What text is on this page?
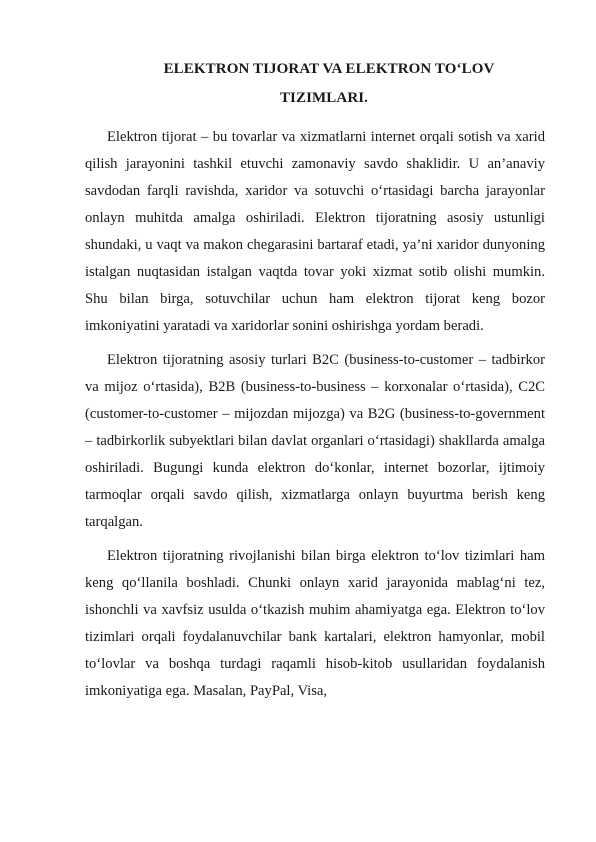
ELEKTRON TIJORAT VA ELEKTRON TO‘LOV
TIZIMLARI.

Elektron tijorat – bu tovarlar va xizmatlarni internet orqali sotish va xarid qilish jarayonini tashkil etuvchi zamonaviy savdo shaklidir. U an’anaviy savdodan farqli ravishda, xaridor va sotuvchi o‘rtasidagi barcha jarayonlar onlayn muhitda amalga oshiriladi. Elektron tijoratning asosiy ustunligi shundaki, u vaqt va makon chegarasini bartaraf etadi, ya’ni xaridor dunyoning istalgan nuqtasidan istalgan vaqtda tovar yoki xizmat sotib olishi mumkin. Shu bilan birga, sotuvchilar uchun ham elektron tijorat keng bozor imkoniyatini yaratadi va xaridorlar sonini oshirishga yordam beradi.

Elektron tijoratning asosiy turlari B2C (business-to-customer – tadbirkor va mijoz o‘rtasida), B2B (business-to-business – korxonalar o‘rtasida), C2C (customer-to-customer – mijozdan mijozga) va B2G (business-to-government – tadbirkorlik subyektlari bilan davlat organlari o‘rtasidagi) shakllarda amalga oshiriladi. Bugungi kunda elektron do‘konlar, internet bozorlar, ijtimoiy tarmoqlar orqali savdo qilish, xizmatlarga onlayn buyurtma berish keng tarqalgan.

Elektron tijoratning rivojlanishi bilan birga elektron to‘lov tizimlari ham keng qo‘llanila boshladi. Chunki onlayn xarid jarayonida mablag‘ni tez, ishonchli va xavfsiz usulda o‘tkazish muhim ahamiyatga ega. Elektron to‘lov tizimlari orqali foydalanuvchilar bank kartalari, elektron hamyonlar, mobil to‘lovlar va boshqa turdagi raqamli hisob-kitob usullaridan foydalanish imkoniyatiga ega. Masalan, PayPal, Visa,
